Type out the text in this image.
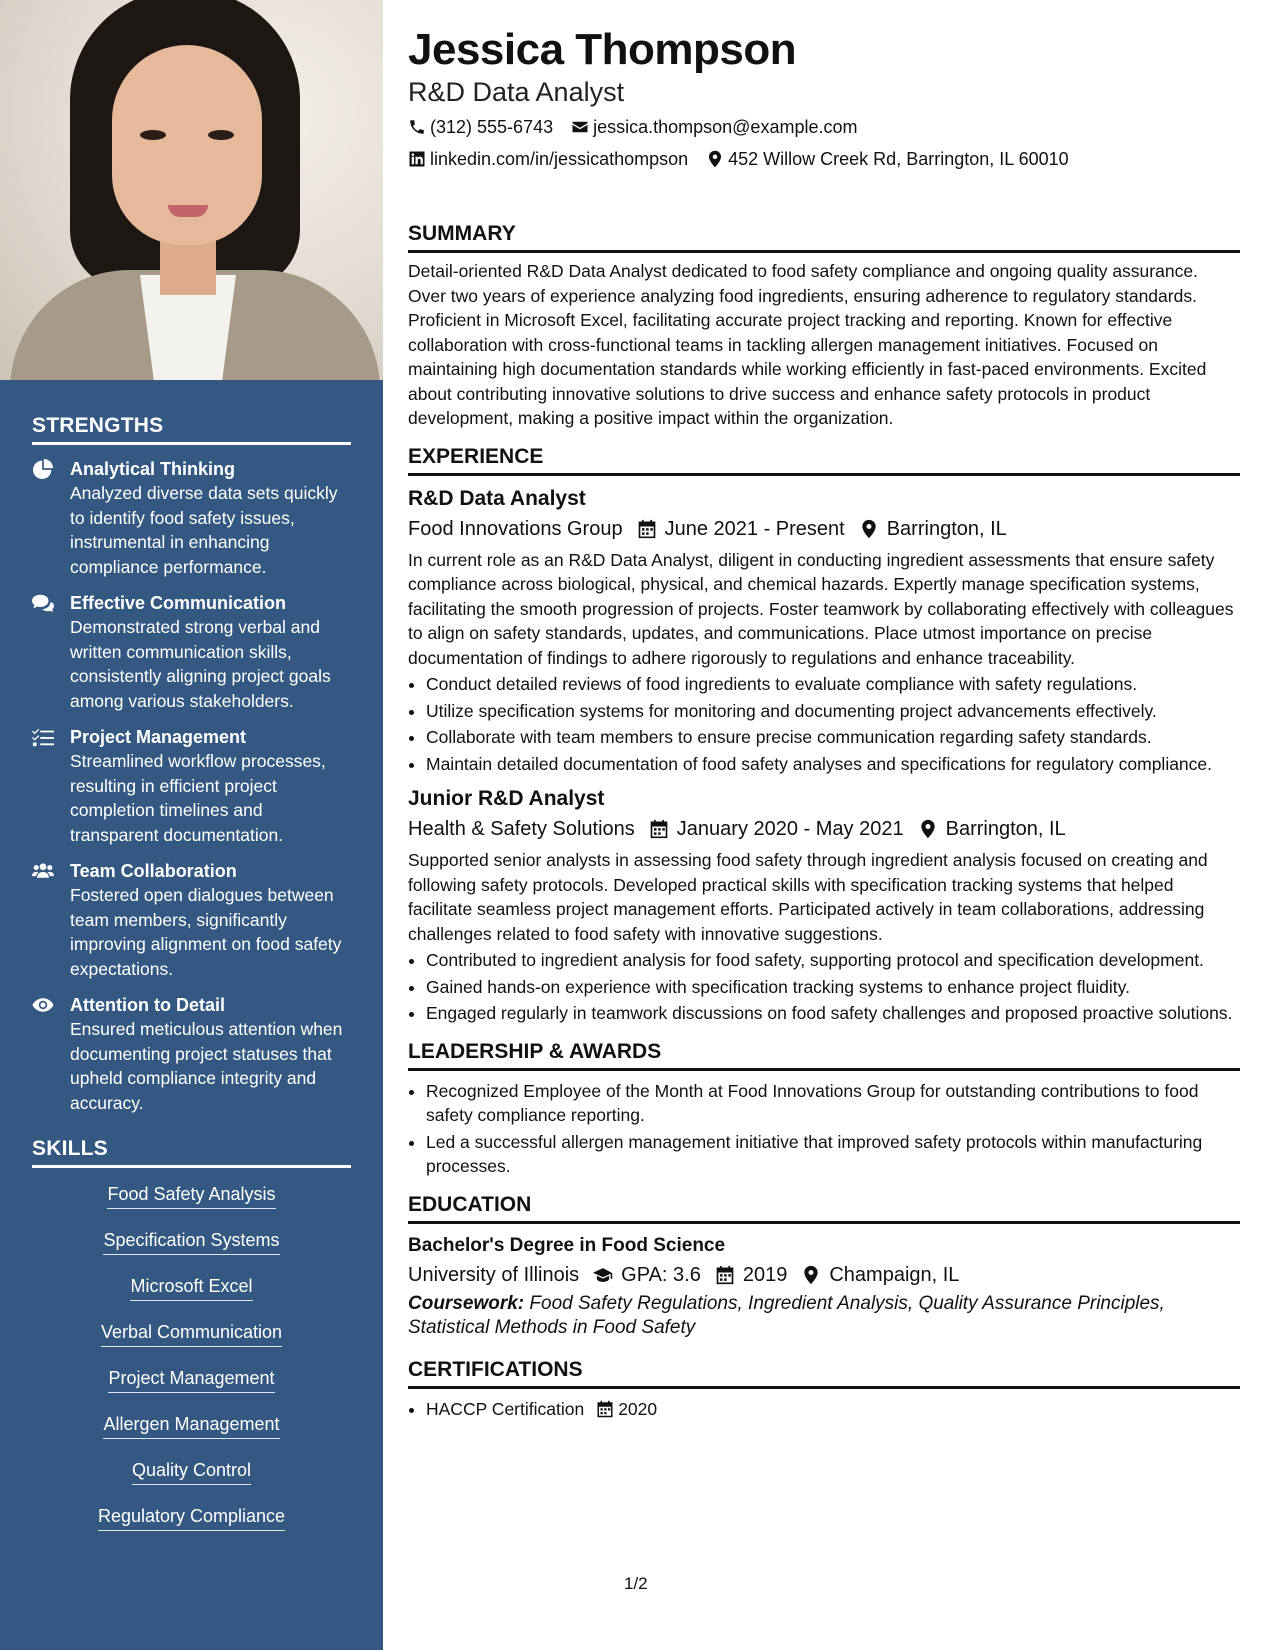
STRENGTHS
Analytical Thinking
Analyzed diverse data sets quickly to identify food safety issues, instrumental in enhancing compliance performance.
Effective Communication
Demonstrated strong verbal and written communication skills, consistently aligning project goals among various stakeholders.
Project Management
Streamlined workflow processes, resulting in efficient project completion timelines and transparent documentation.
Team Collaboration
Fostered open dialogues between team members, significantly improving alignment on food safety expectations.
Attention to Detail
Ensured meticulous attention when documenting project statuses that upheld compliance integrity and accuracy.
SKILLS
Food Safety Analysis
Specification Systems
Microsoft Excel
Verbal Communication
Project Management
Allergen Management
Quality Control
Regulatory Compliance
Jessica Thompson
R&D Data Analyst
(312) 555-6743 jessica.thompson@example.com
linkedin.com/in/jessicathompson 452 Willow Creek Rd, Barrington, IL 60010
SUMMARY
Detail-oriented R&D Data Analyst dedicated to food safety compliance and ongoing quality assurance. Over two years of experience analyzing food ingredients, ensuring adherence to regulatory standards. Proficient in Microsoft Excel, facilitating accurate project tracking and reporting. Known for effective collaboration with cross-functional teams in tackling allergen management initiatives. Focused on maintaining high documentation standards while working efficiently in fast-paced environments. Excited about contributing innovative solutions to drive success and enhance safety protocols in product development, making a positive impact within the organization.
EXPERIENCE
R&D Data Analyst
Food Innovations Group June 2021 - Present Barrington, IL
In current role as an R&D Data Analyst, diligent in conducting ingredient assessments that ensure safety compliance across biological, physical, and chemical hazards. Expertly manage specification systems, facilitating the smooth progression of projects. Foster teamwork by collaborating effectively with colleagues to align on safety standards, updates, and communications. Place utmost importance on precise documentation of findings to adhere rigorously to regulations and enhance traceability.
• Conduct detailed reviews of food ingredients to evaluate compliance with safety regulations.
• Utilize specification systems for monitoring and documenting project advancements effectively.
• Collaborate with team members to ensure precise communication regarding safety standards.
• Maintain detailed documentation of food safety analyses and specifications for regulatory compliance.
Junior R&D Analyst
Health & Safety Solutions January 2020 - May 2021 Barrington, IL
Supported senior analysts in assessing food safety through ingredient analysis focused on creating and following safety protocols. Developed practical skills with specification tracking systems that helped facilitate seamless project management efforts. Participated actively in team collaborations, addressing challenges related to food safety with innovative suggestions.
• Contributed to ingredient analysis for food safety, supporting protocol and specification development.
• Gained hands-on experience with specification tracking systems to enhance project fluidity.
• Engaged regularly in teamwork discussions on food safety challenges and proposed proactive solutions.
LEADERSHIP & AWARDS
• Recognized Employee of the Month at Food Innovations Group for outstanding contributions to food safety compliance reporting.
• Led a successful allergen management initiative that improved safety protocols within manufacturing processes.
EDUCATION
Bachelor's Degree in Food Science
University of Illinois GPA: 3.6 2019 Champaign, IL
Coursework: Food Safety Regulations, Ingredient Analysis, Quality Assurance Principles, Statistical Methods in Food Safety
CERTIFICATIONS
• HACCP Certification 2020
1/2
